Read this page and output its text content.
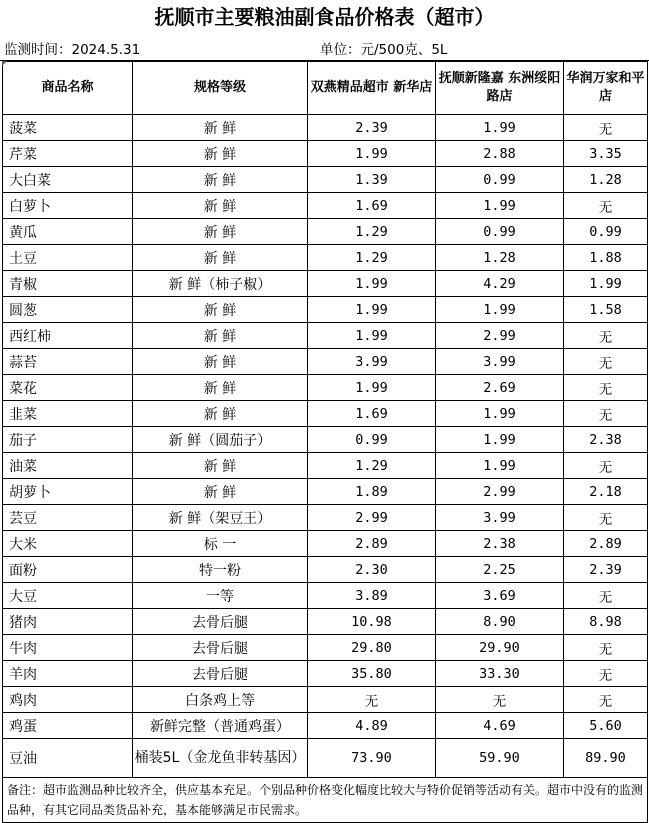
抚顺市主要粮油副食品价格表（超市）
监测时间：2024.5.31	单位：元/500克、5L
商品名称	规格等级	双燕精品超市 新华店	抚顺新隆嘉 东洲绥阳路店	华润万家和平店
菠菜	新 鲜	2.39	1.99	无
芹菜	新 鲜	1.99	2.88	3.35
大白菜	新 鲜	1.39	0.99	1.28
白萝卜	新 鲜	1.69	1.99	无
黄瓜	新 鲜	1.29	0.99	0.99
土豆	新 鲜	1.29	1.28	1.88
青椒	新 鲜（柿子椒）	1.99	4.29	1.99
圆葱	新 鲜	1.99	1.99	1.58
西红柿	新 鲜	1.99	2.99	无
蒜苔	新 鲜	3.99	3.99	无
菜花	新 鲜	1.99	2.69	无
韭菜	新 鲜	1.69	1.99	无
茄子	新 鲜（圆茄子）	0.99	1.99	2.38
油菜	新 鲜	1.29	1.99	无
胡萝卜	新 鲜	1.89	2.99	2.18
芸豆	新 鲜（架豆王）	2.99	3.99	无
大米	标 一	2.89	2.38	2.89
面粉	特一粉	2.30	2.25	2.39
大豆	一等	3.89	3.69	无
猪肉	去骨后腿	10.98	8.90	8.98
牛肉	去骨后腿	29.80	29.90	无
羊肉	去骨后腿	35.80	33.30	无
鸡肉	白条鸡上等	无	无	无
鸡蛋	新鲜完整（普通鸡蛋）	4.89	4.69	5.60
豆油	桶装5L（金龙鱼非转基因）	73.90	59.90	89.90
备注：超市监测品种比较齐全，供应基本充足。个别品种价格变化幅度比较大与特价促销等活动有关。超市中没有的监测品种，有其它同品类货品补充，基本能够满足市民需求。				
